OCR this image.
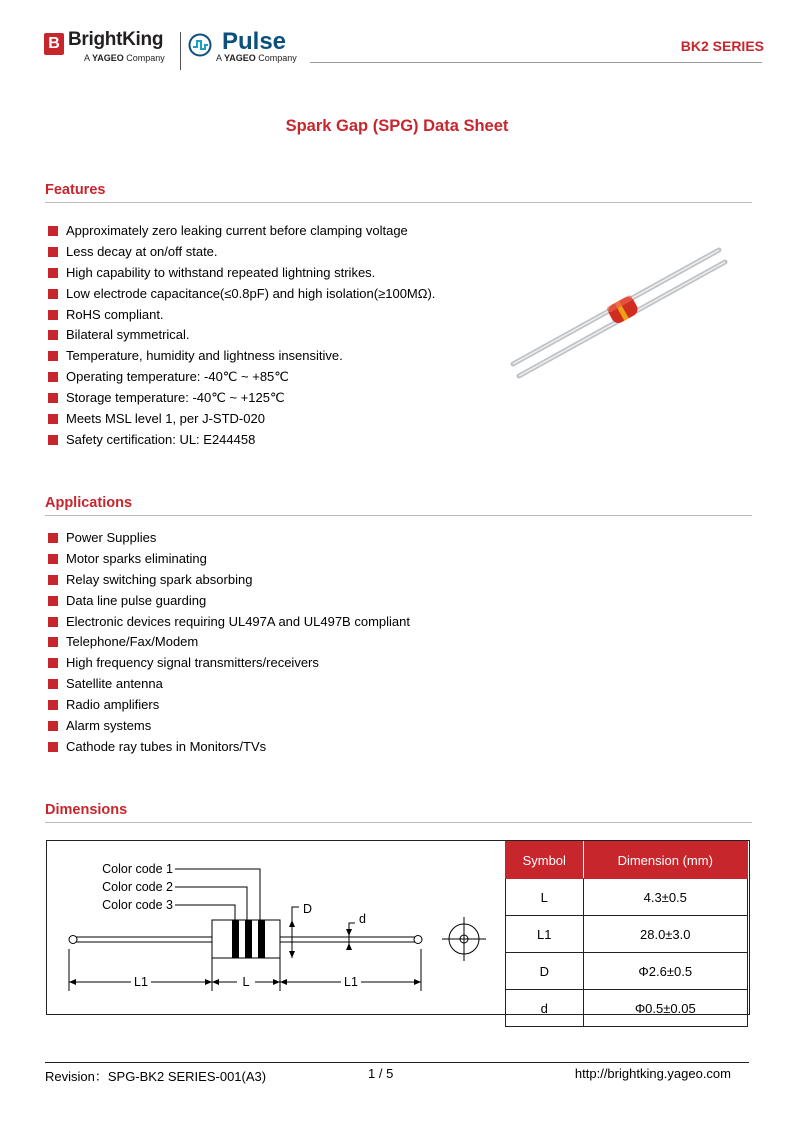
B BrightKing
A YAGEO Company
Pulse
A YAGEO Company
BK2 SERIES
Spark Gap (SPG) Data Sheet
Features
Approximately zero leaking current before clamping voltage
Less decay at on/off state.
High capability to withstand repeated lightning strikes.
Low electrode capacitance(≤0.8pF) and high isolation(≥100MΩ).
RoHS compliant.
Bilateral symmetrical.
Temperature, humidity and lightness insensitive.
Operating temperature: -40℃ ~ +85℃
Storage temperature: -40℃ ~ +125℃
Meets MSL level 1, per J-STD-020
Safety certification: UL: E244458
Applications
Power Supplies
Motor sparks eliminating
Relay switching spark absorbing
Data line pulse guarding
Electronic devices requiring UL497A and UL497B compliant
Telephone/Fax/Modem
High frequency signal transmitters/receivers
Satellite antenna
Radio amplifiers
Alarm systems
Cathode ray tubes in Monitors/TVs
Dimensions
Color code 1
Color code 2
Color code 3	D
d
L1	L	L1
Symbol	Dimension (mm)
L	4.3±0.5
L1	28.0±3.0
D	Φ2.6±0.5
d	Φ0.5±0.05
Revision：SPG-BK2 SERIES-001(A3)	1 / 5	http://brightking.yageo.com
